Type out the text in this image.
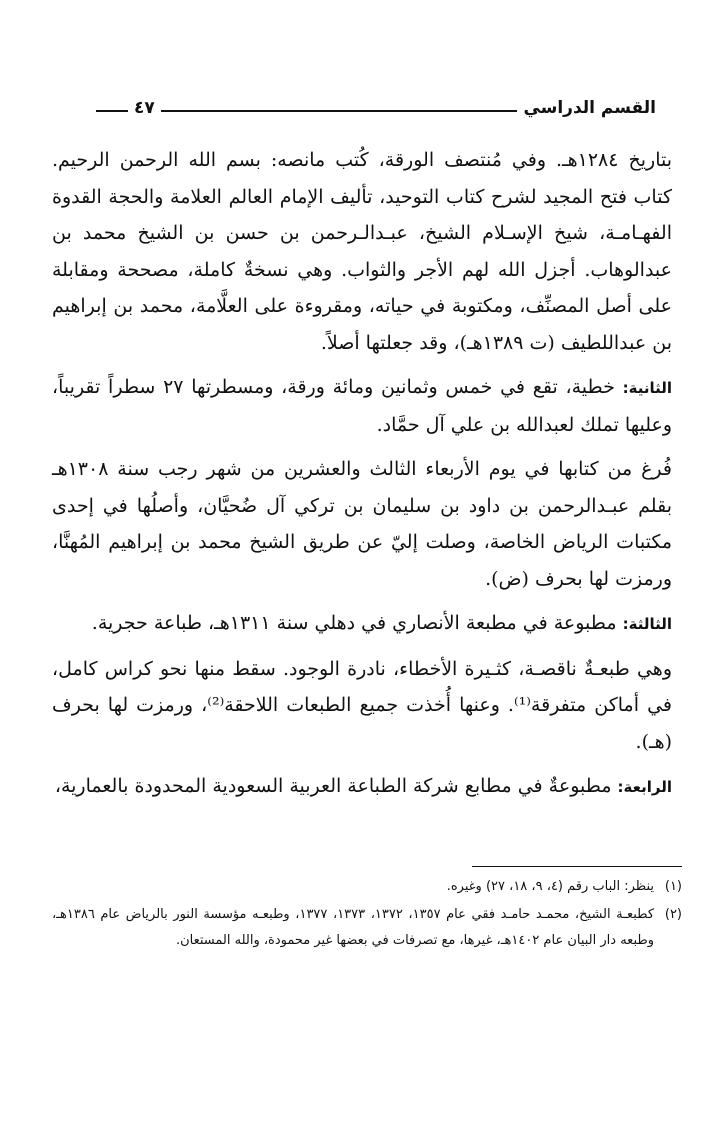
القسم الدراسي
٤٧

بتاريخ ١٢٨٤هـ. وفي مُنتصف الورقة، كُتب مانصه: بسم الله الرحمن الرحيم. كتاب فتح المجيد لشرح كتاب التوحيد، تأليف الإمام العالم العلامة والحجة القدوة الفهـامـة، شيخ الإسـلام الشيخ، عبـدالـرحمن بن حسن بن الشيخ محمد بن عبدالوهاب. أجزل الله لهم الأجر والثواب. وهي نسخةٌ كاملة، مصححة ومقابلة على أصل المصنِّف، ومكتوبة في حياته، ومقروءة على العلَّامة، محمد بن إبراهيم بن عبداللطيف (ت ١٣٨٩هـ)، وقد جعلتها أصلاً.

الثانية: خطية، تقع في خمس وثمانين ومائة ورقة، ومسطرتها ٢٧ سطراً تقريباً، وعليها تملك لعبدالله بن علي آل حمَّاد.

فُرغ من كتابها في يوم الأربعاء الثالث والعشرين من شهر رجب سنة ١٣٠٨هـ بقلم عبـدالرحمن بن داود بن سليمان بن تركي آل ضُحيَّان، وأصلُها في إحدى مكتبات الرياض الخاصة، وصلت إليّ عن طريق الشيخ محمد بن إبراهيم المُهنَّا، ورمزت لها بحرف (ض).

الثالثة: مطبوعة في مطبعة الأنصاري في دهلي سنة ١٣١١هـ، طباعة حجرية.

وهي طبعـةٌ ناقصـة، كثـيرة الأخطاء، نادرة الوجود. سقط منها نحو كراس كامل، في أماكن متفرقة⁽¹⁾. وعنها أُخذت جميع الطبعات اللاحقة⁽²⁾، ورمزت لها بحرف (هـ).

الرابعة: مطبوعةٌ في مطابع شركة الطباعة العربية السعودية المحدودة بالعمارية،

(١)
ينظر: الباب رقم (٤، ٩، ١٨، ٢٧) وغيره.
(٢)
كطبعـة الشيخ، محمـد حامـد فقي عام ١٣٥٧، ١٣٧٢، ١٣٧٣، ١٣٧٧، وطبعـه مؤسسة النور بالرياض عام ١٣٨٦هـ، وطبعه دار البيان عام ١٤٠٢هـ، غيرها، مع تصرفات في بعضها غير محمودة، والله المستعان.
